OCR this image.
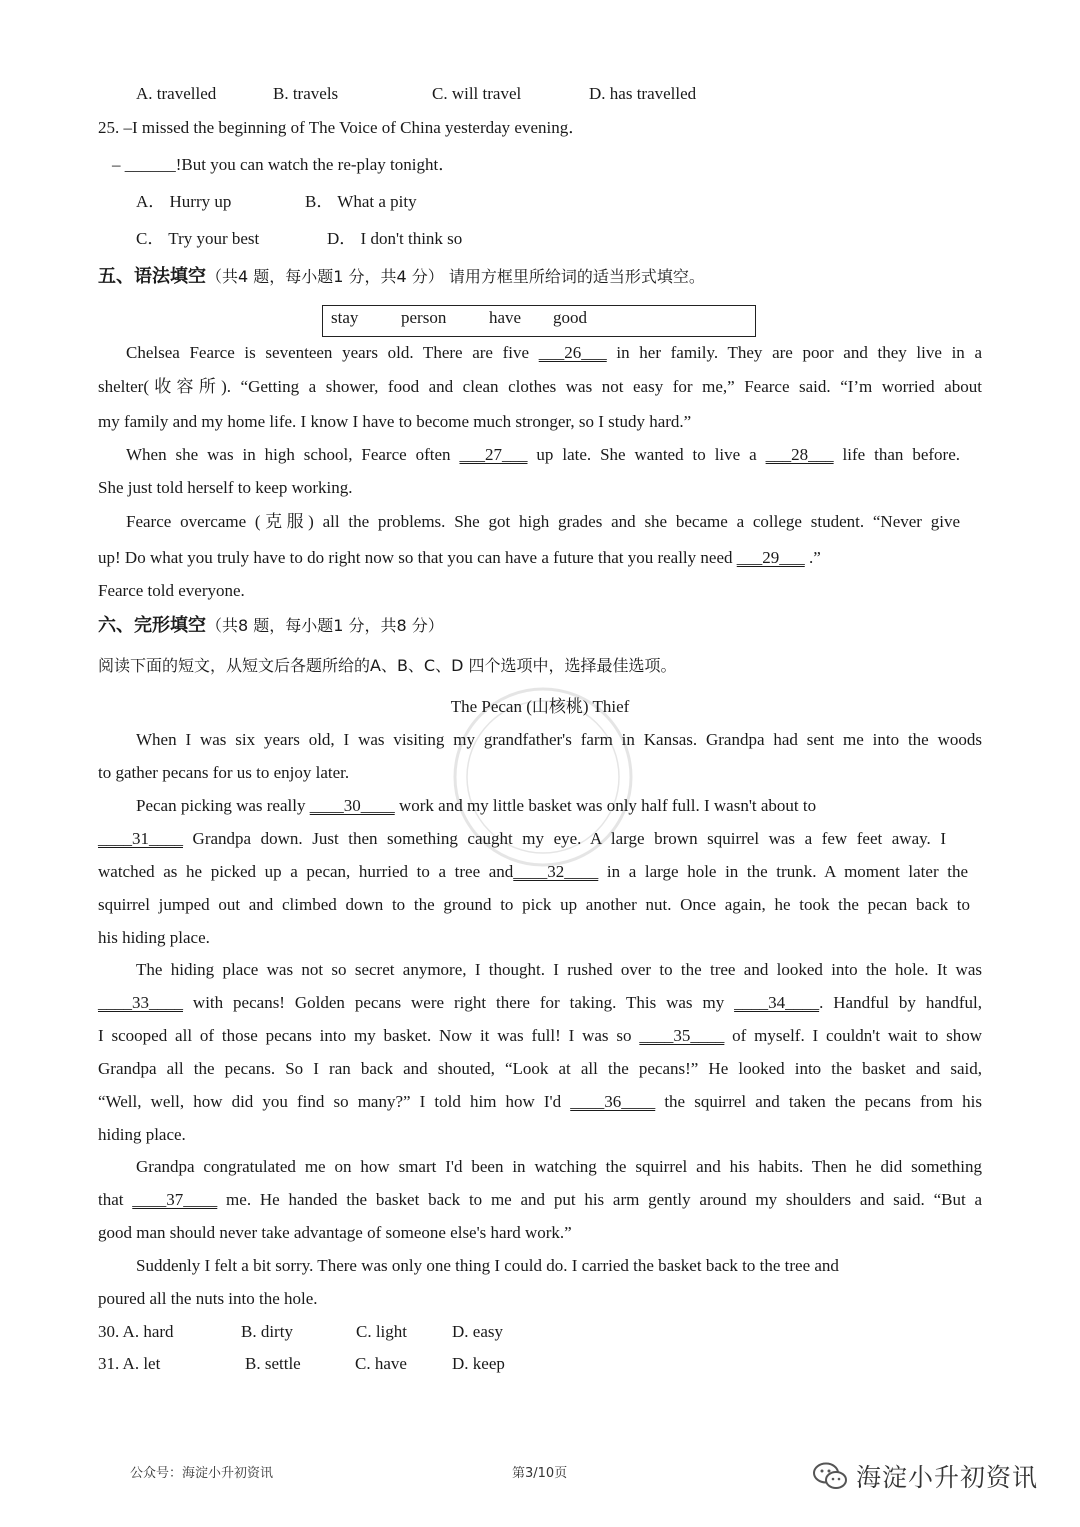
A. travelled	B. travels	C. will travel	D. has travelled
25. –I missed the beginning of The Voice of China yesterday evening．
– ______!But you can watch the re-play tonight．
A． Hurry up	B． What a pity
C． Try your best	D． I don't think so
五、语法填空（共4 题，每小题1 分，共4 分） 请用方框里所给词的适当形式填空。
stay	person	have good
Chelsea Fearce is seventeen years old. There are five ___26___ in her family. They are poor and they live in a
shelter(收容所). “Getting a shower, food and clean clothes was not easy for me,” Fearce said. “I’m worried about
my family and my home life. I know I have to become much stronger, so I study hard.”
When she was in high school, Fearce often ___27___ up late. She wanted to live a ___28___ life than before.
She just told herself to keep working.
Fearce overcame (克服) all the problems. She got high grades and she became a college student. “Never give
up! Do what you truly have to do right now so that you can have a future that you really need ___29___ .”
Fearce told everyone.
六、完形填空（共8 题，每小题1 分，共8 分）
阅读下面的短文，从短文后各题所给的A、B、C、D 四个选项中，选择最佳选项。
The Pecan (山核桃) Thief
When I was six years old, I was visiting my grandfather's farm in Kansas. Grandpa had sent me into the woods
to gather pecans for us to enjoy later.
Pecan picking was really ____30____ work and my little basket was only half full. I wasn't about to
____31____ Grandpa down. Just then something caught my eye. A large brown squirrel was a few feet away. I
watched as he picked up a pecan, hurried to a tree and____32____ in a large hole in the trunk. A moment later the
squirrel jumped out and climbed down to the ground to pick up another nut. Once again, he took the pecan back to
his hiding place.
The hiding place was not so secret anymore, I thought. I rushed over to the tree and looked into the hole. It was
____33____ with pecans! Golden pecans were right there for taking. This was my ____34____. Handful by handful,
I scooped all of those pecans into my basket. Now it was full! I was so ____35____ of myself. I couldn't wait to show
Grandpa all the pecans. So I ran back and shouted, “Look at all the pecans!” He looked into the basket and said,
“Well, well, how did you find so many?” I told him how I'd ____36____ the squirrel and taken the pecans from his
hiding place.
Grandpa congratulated me on how smart I'd been in watching the squirrel and his habits. Then he did something
that ____37____ me. He handed the basket back to me and put his arm gently around my shoulders and said. “But a
good man should never take advantage of someone else's hard work.”
Suddenly I felt a bit sorry. There was only one thing I could do. I carried the basket back to the tree and
poured all the nuts into the hole.
30. A. hard	B. dirty	C. light	D. easy
31. A. let	B. settle	C. have	D. keep
公众号：海淀小升初资讯	第3/10页	海淀小升初资讯
